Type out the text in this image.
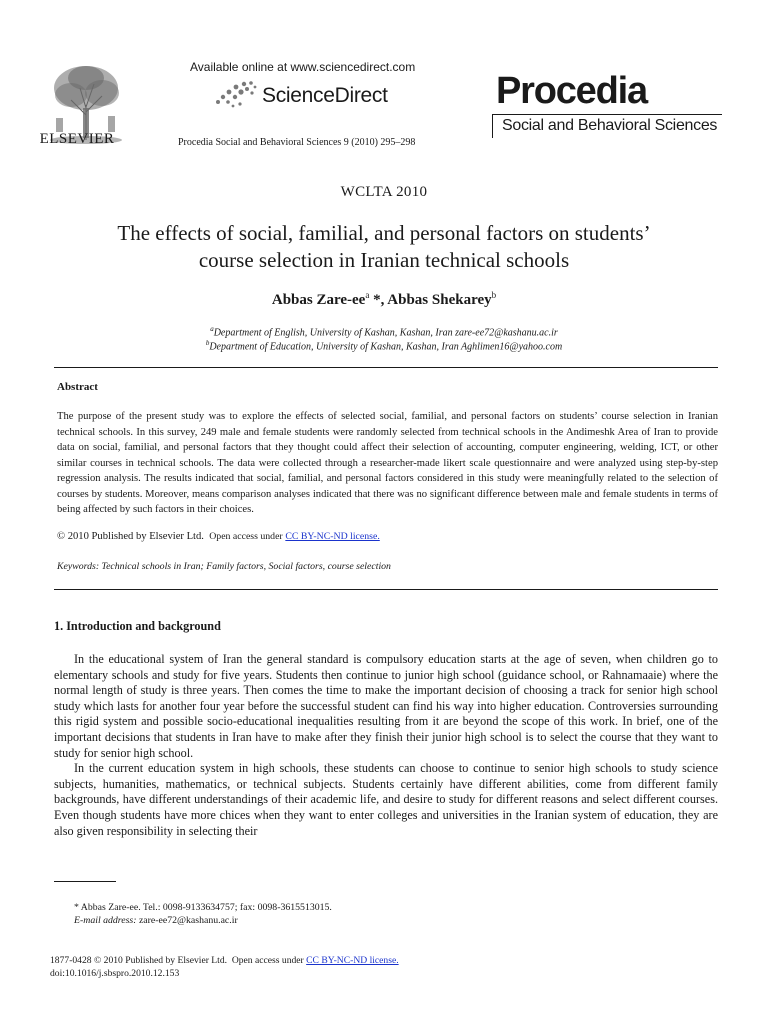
ELSEVIER
Available online at www.sciencedirect.com
ScienceDirect
Procedia Social and Behavioral Sciences 9 (2010) 295–298
Procedia
Social and Behavioral Sciences
WCLTA 2010
The effects of social, familial, and personal factors on students’
course selection in Iranian technical schools
Abbas Zare-$ee^a$ *, Abbas Shekarey$^b$
$^a$Department of English, University of Kashan, Kashan, Iran zare-ee72@kashanu.ac.ir
$^b$Department of Education, University of Kashan, Kashan, Iran Aghlimen16@yahoo.com
Abstract
The purpose of the present study was to explore the effects of selected social, familial, and personal factors on students’ course selection in Iranian technical schools. In this survey, 249 male and female students were randomly selected from technical schools in the Andimeshk Area of Iran to provide data on social, familial, and personal factors that they thought could affect their selection of accounting, computer engineering, welding, ICT, or other similar courses in technical schools. The data were collected through a researcher-made likert scale questionnaire and were analyzed using step-by-step regression analysis. The results indicated that social, familial, and personal factors considered in this study were meaningfully related to the selection of courses by students. Moreover, means comparison analyses indicated that there was no significant difference between male and female students in terms of being affected by such factors in their choices.
© 2010 Published by Elsevier Ltd. Open access under CC BY-NC-ND license.
Keywords: Technical schools in Iran; Family factors, Social factors, course selection
1. Introduction and background

In the educational system of Iran the general standard is compulsory education starts at the age of seven, when children go to elementary schools and study for five years. Students then continue to junior high school (guidance school, or Rahnamaaie) where the normal length of study is three years. Then comes the time to make the important decision of choosing a track for senior high school study which lasts for another four year before the successful student can find his way into higher education. Controversies surrounding this rigid system and possible socio-educational inequalities resulting from it are beyond the scope of this work. In brief, one of the important decisions that students in Iran have to make after they finish their junior high school is to select the course that they want to study for senior high school.

In the current education system in high schools, these students can choose to continue to senior high schools to study science subjects, humanities, mathematics, or technical subjects. Students certainly have different abilities, come from different family backgrounds, have different understandings of their academic life, and desire to study for different reasons and select different courses. Even though students have more chices when they want to enter colleges and universities in the Iranian system of education, they are also given responsibility in selecting their

* Abbas Zare-ee. Tel.: 0098-9133634757; fax: 0098-3615513015.
E-mail address: zare-ee72@kashanu.ac.ir
1877-0428 © 2010 Published by Elsevier Ltd. Open access under CC BY-NC-ND license.
doi:10.1016/j.sbspro.2010.12.153
